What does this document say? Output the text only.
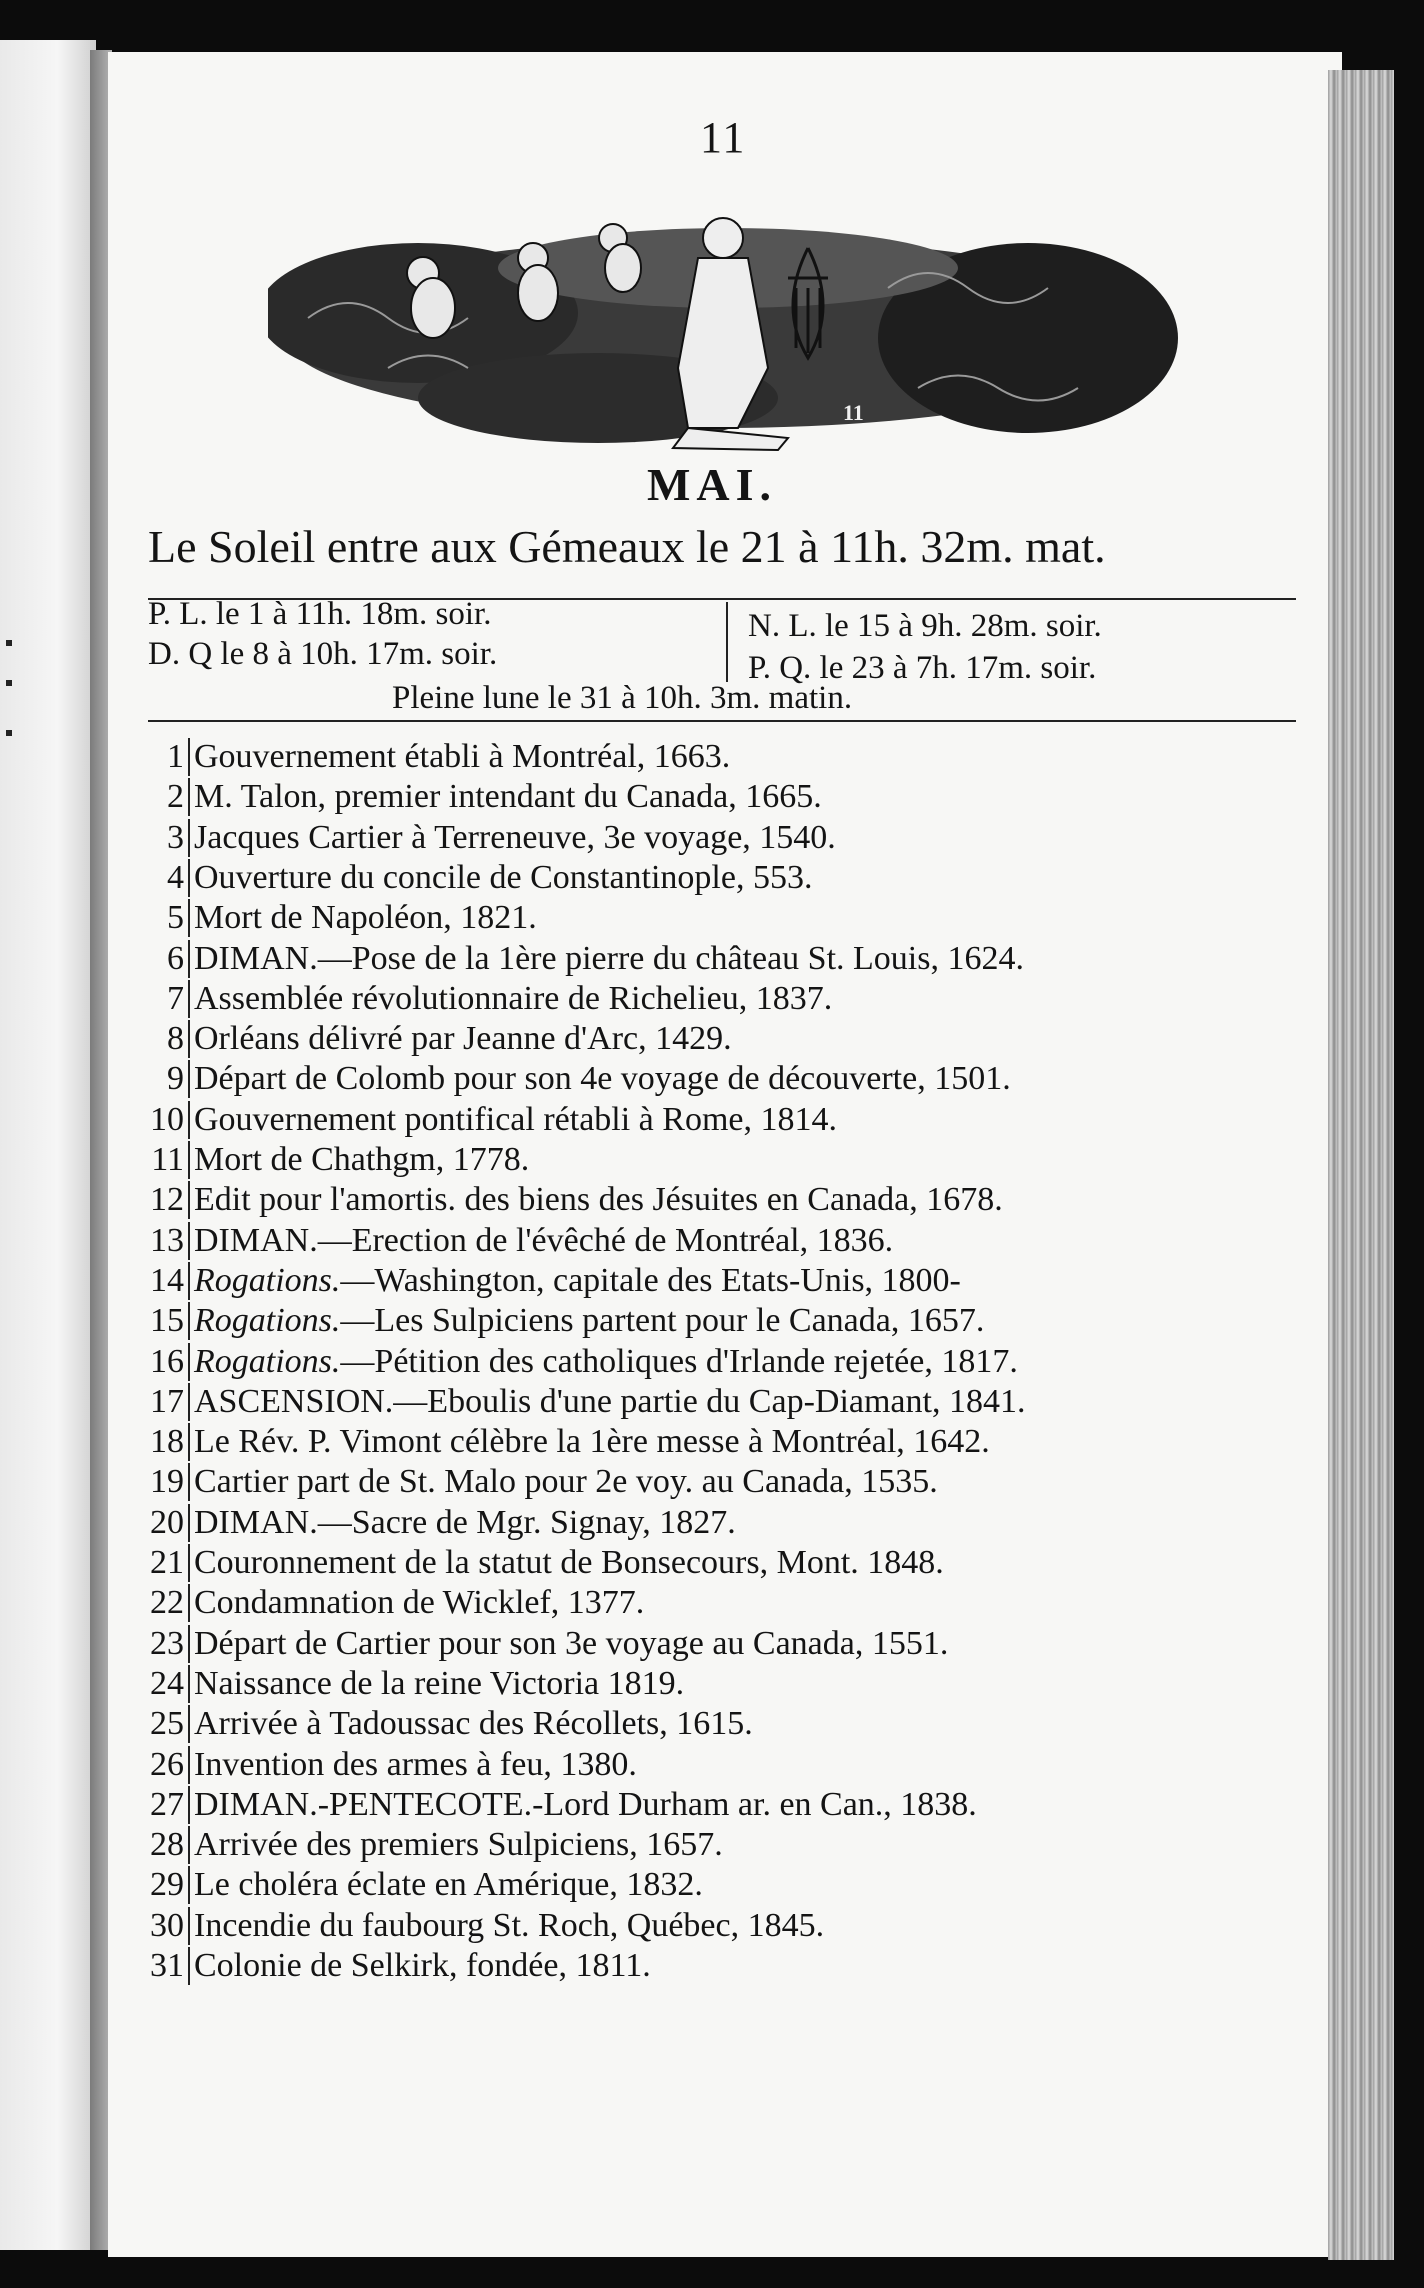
11
11
MAI.
Le Soleil entre aux Gémeaux le 21 à 11h. 32m. mat.
P. L. le 1 à 11h. 18m. soir.
D. Q le 8 à 10h. 17m. soir.
N. L. le 15 à 9h. 28m. soir.
P. Q. le 23 à 7h. 17m. soir.
Pleine lune le 31 à 10h. 3m. matin.
1 Gouvernement établi à Montréal, 1663.
2 M. Talon, premier intendant du Canada, 1665.
3 Jacques Cartier à Terreneuve, 3e voyage, 1540.
4 Ouverture du concile de Constantinople, 553.
5 Mort de Napoléon, 1821.
6 DIMAN.—Pose de la 1ère pierre du château St. Louis, 1624.
7 Assemblée révolutionnaire de Richelieu, 1837.
8 Orléans délivré par Jeanne d'Arc, 1429.
9 Départ de Colomb pour son 4e voyage de découverte, 1501.
10 Gouvernement pontifical rétabli à Rome, 1814.
11 Mort de Chathgm, 1778.
12 Edit pour l'amortis. des biens des Jésuites en Canada, 1678.
13 DIMAN.—Erection de l'évêché de Montréal, 1836.
14 Rogations.—Washington, capitale des Etats-Unis, 1800-
15 Rogations.—Les Sulpiciens partent pour le Canada, 1657.
16 Rogations.—Pétition des catholiques d'Irlande rejetée, 1817.
17 ASCENSION.—Eboulis d'une partie du Cap-Diamant, 1841.
18 Le Rév. P. Vimont célèbre la 1ère messe à Montréal, 1642.
19 Cartier part de St. Malo pour 2e voy. au Canada, 1535.
20 DIMAN.—Sacre de Mgr. Signay, 1827.
21 Couronnement de la statut de Bonsecours, Mont. 1848.
22 Condamnation de Wicklef, 1377.
23 Départ de Cartier pour son 3e voyage au Canada, 1551.
24 Naissance de la reine Victoria 1819.
25 Arrivée à Tadoussac des Récollets, 1615.
26 Invention des armes à feu, 1380.
27 DIMAN.-PENTECOTE.-Lord Durham ar. en Can., 1838.
28 Arrivée des premiers Sulpiciens, 1657.
29 Le choléra éclate en Amérique, 1832.
30 Incendie du faubourg St. Roch, Québec, 1845.
31 Colonie de Selkirk, fondée, 1811.
